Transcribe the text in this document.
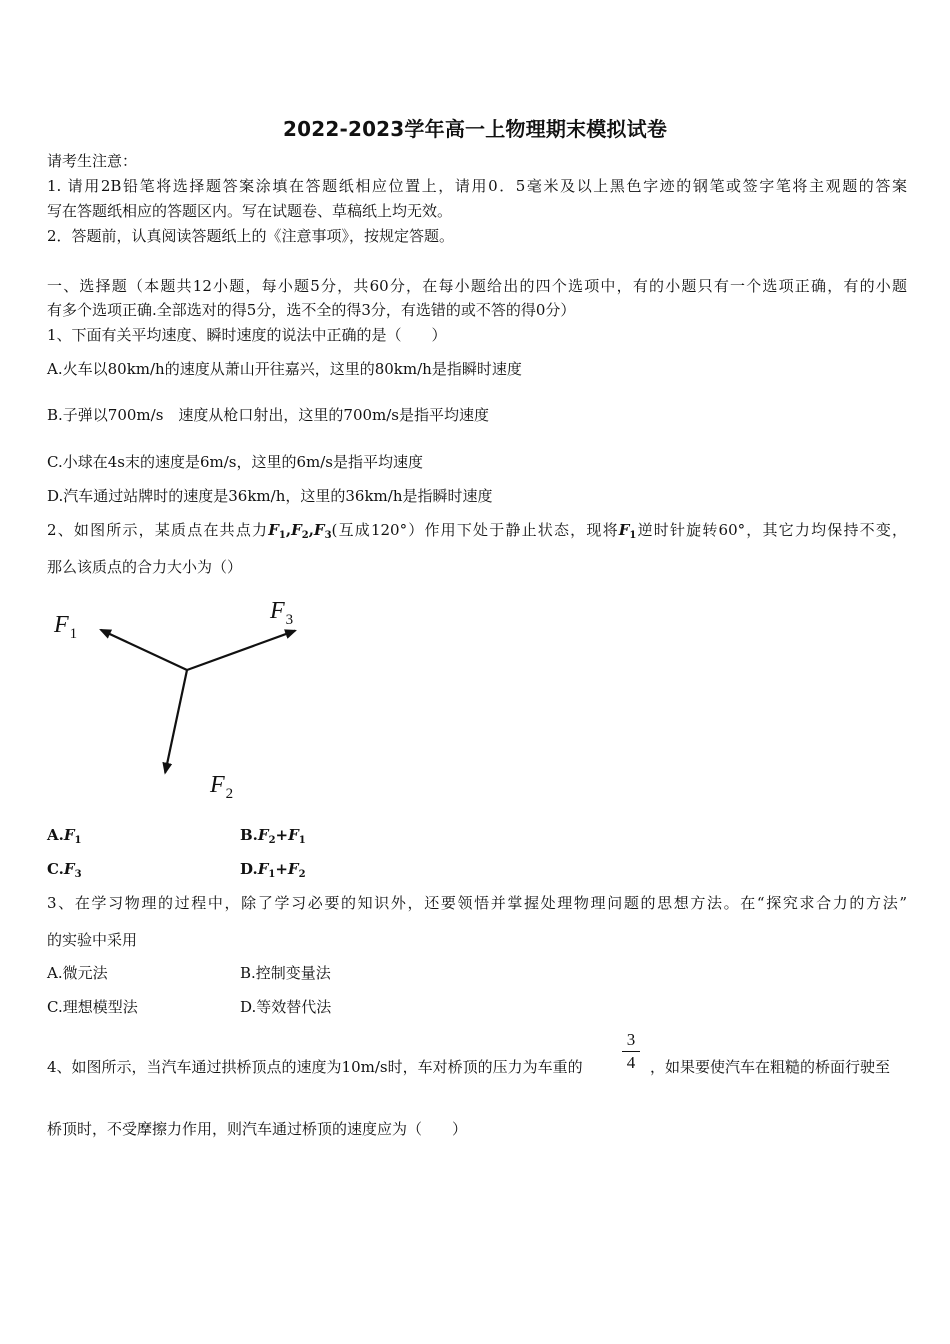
2022-2023学年高一上物理期末模拟试卷
请考生注意：
1. 请用2B铅笔将选择题答案涂填在答题纸相应位置上，请用0．5毫米及以上黑色字迹的钢笔或签字笔将主观题的答案
写在答题纸相应的答题区内。写在试题卷、草稿纸上均无效。
2．答题前，认真阅读答题纸上的《注意事项》，按规定答题。
一、选择题（本题共12小题，每小题5分，共60分，在每小题给出的四个选项中，有的小题只有一个选项正确，有的小题
有多个选项正确.全部选对的得5分，选不全的得3分，有选错的或不答的得0分）
1、下面有关平均速度、瞬时速度的说法中正确的是（　　）
A.火车以80km/h的速度从萧山开往嘉兴，这里的80km/h是指瞬时速度
B.子弹以700m/s　速度从枪口射出，这里的700m/s是指平均速度
C.小球在4s末的速度是6m/s，这里的6m/s是指平均速度
D.汽车通过站牌时的速度是36km/h，这里的36km/h是指瞬时速度
2、如图所示，某质点在共点力$F_1,F_2,F_3$(互成120°）作用下处于静止状态，现将$F_1$逆时针旋转60°，其它力均保持不变，
那么该质点的合力大小为（）
$F_1$
$F_3$
$F_2$
$A.F_1$	$B.F_2+F_1$
$C.F_3$	$D.F_1+F_2$
3、在学习物理的过程中，除了学习必要的知识外，还要领悟并掌握处理物理问题的思想方法。在“探究求合力的方法”
的实验中采用
A.微元法	B.控制变量法
C.理想模型法	D.等效替代法
4、如图所示，当汽车通过拱桥顶点的速度为10m/s时，车对桥顶的压力为车重的
3
4 ，如果要使汽车在粗糙的桥面行驶至
桥顶时，不受摩擦力作用，则汽车通过桥顶的速度应为（　　）
